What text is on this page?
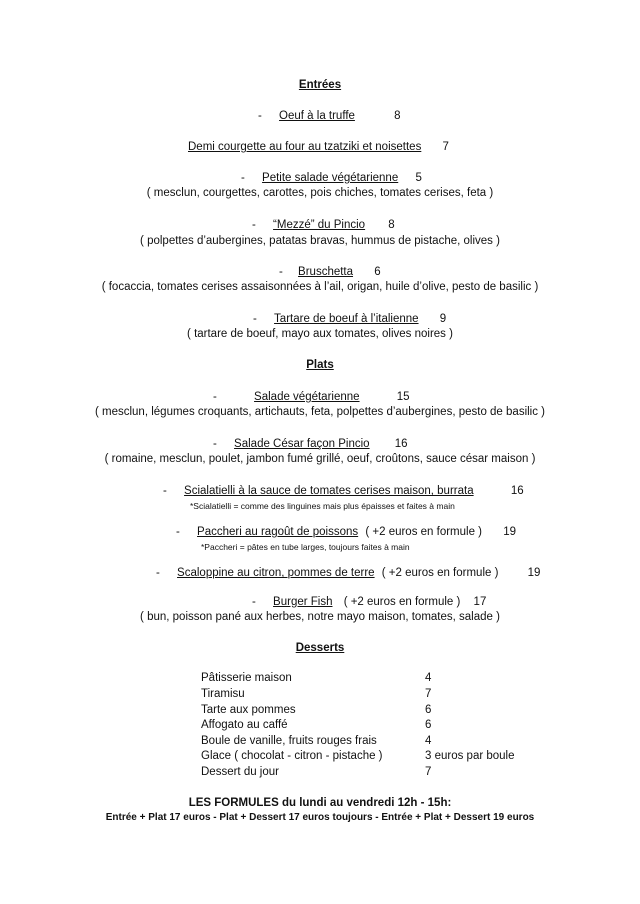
Entrées
- Oeuf à la truffe	8
Demi courgette au four au tzatziki et noisettes 7
- Petite salade végétarienne 5
( mesclun, courgettes, carottes, pois chiches, tomates cerises, feta )
- “Mezzé” du Pincio 8
( polpettes d’aubergines, patatas bravas, hummus de pistache, olives )
- Bruschetta 6
( focaccia, tomates cerises assaisonnées à l’ail, origan, huile d’olive, pesto de basilic )
- Tartare de boeuf à l’italienne 9
( tartare de boeuf, mayo aux tomates, olives noires )
Plats
-	Salade végétarienne	15
( mesclun, légumes croquants, artichauts, feta, polpettes d’aubergines, pesto de basilic )
- Salade César façon Pincio 16
( romaine, mesclun, poulet, jambon fumé grillé, oeuf, croûtons, sauce césar maison )
- Scialatielli à la sauce de tomates cerises maison, burrata	16
*Scialatielli = comme des linguines mais plus épaisses et faites à main
- Paccheri au ragoût de poissons ( +2 euros en formule ) 19
*Paccheri = pâtes en tube larges, toujours faites à main
- Scaloppine au citron, pommes de terre ( +2 euros en formule )	19
- Burger Fish ( +2 euros en formule ) 17
( bun, poisson pané aux herbes, notre mayo maison, tomates, salade )
Desserts
Pâtisserie maison	4
Tiramisu	7
Tarte aux pommes	6
Affogato au caffé	6
Boule de vanille, fruits rouges frais	4
Glace ( chocolat - citron - pistache )	3 euros par boule
Dessert du jour	7
LES FORMULES du lundi au vendredi 12h - 15h:
Entrée + Plat 17 euros - Plat + Dessert 17 euros toujours - Entrée + Plat + Dessert 19 euros
